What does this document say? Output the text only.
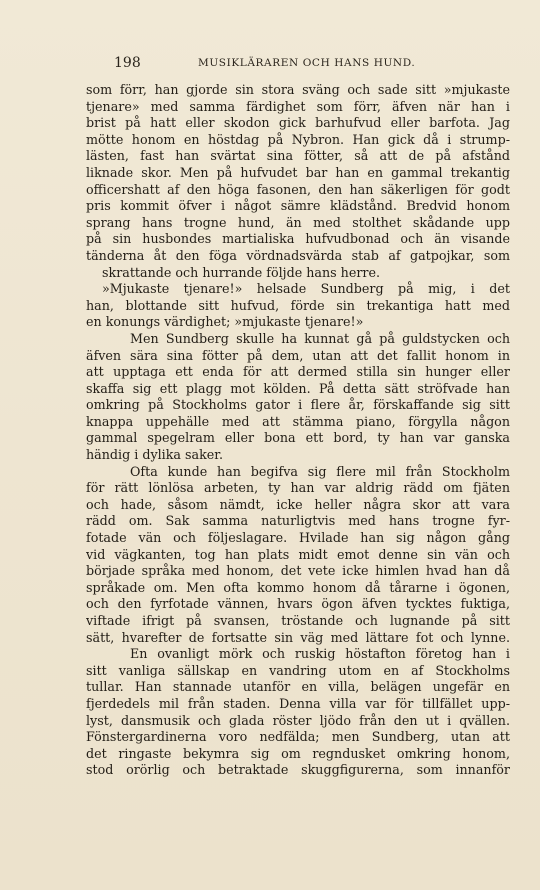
198	MUSIKLÄRAREN OCH HANS HUND.
som förr, han gjorde sin stora sväng och sade sitt »mjukaste
tjenare» med samma färdighet som förr, äfven när han i
brist på hatt eller skodon gick barhufvud eller barfota. Jag
mötte honom en höstdag på Nybron. Han gick då i strump-
lästen, fast han svärtat sina fötter, så att de på afstånd
liknade skor. Men på hufvudet bar han en gammal trekantig
officershatt af den höga fasonen, den han säkerligen för godt
pris kommit öfver i något sämre klädstånd. Bredvid honom
sprang hans trogne hund, än med stolthet skådande upp
på sin husbondes martialiska hufvudbonad och än visande
tänderna åt den föga vördnadsvärda stab af gatpojkar, som
skrattande och hurrande följde hans herre.
»Mjukaste tjenare!» helsade Sundberg på mig, i det
han, blottande sitt hufvud, förde sin trekantiga hatt med
en konungs värdighet; »mjukaste tjenare!»
Men Sundberg skulle ha kunnat gå på guldstycken och
äfven sära sina fötter på dem, utan att det fallit honom in
att upptaga ett enda för att dermed stilla sin hunger eller
skaffa sig ett plagg mot kölden. På detta sätt ströfvade han
omkring på Stockholms gator i flere år, förskaffande sig sitt
knappa uppehälle med att stämma piano, förgylla någon
gammal spegelram eller bona ett bord, ty han var ganska
händig i dylika saker.
Ofta kunde han begifva sig flere mil från Stockholm
för rätt lönlösa arbeten, ty han var aldrig rädd om fjäten
och hade, såsom nämdt, icke heller några skor att vara
rädd om. Sak samma naturligtvis med hans trogne fyr-
fotade vän och följeslagare. Hvilade han sig någon gång
vid vägkanten, tog han plats midt emot denne sin vän och
började språka med honom, det vete icke himlen hvad han då
språkade om. Men ofta kommo honom då tårarne i ögonen,
och den fyrfotade vännen, hvars ögon äfven tycktes fuktiga,
viftade ifrigt på svansen, tröstande och lugnande på sitt
sätt, hvarefter de fortsatte sin väg med lättare fot och lynne.
En ovanligt mörk och ruskig höstafton företog han i
sitt vanliga sällskap en vandring utom en af Stockholms
tullar. Han stannade utanför en villa, belägen ungefär en
fjerdedels mil från staden. Denna villa var för tillfället upp-
lyst, dansmusik och glada röster ljödo från den ut i qvällen.
Fönstergardinerna voro nedfälda; men Sundberg, utan att
det ringaste bekymra sig om regndusket omkring honom,
stod orörlig och betraktade skuggfigurerna, som innanför
